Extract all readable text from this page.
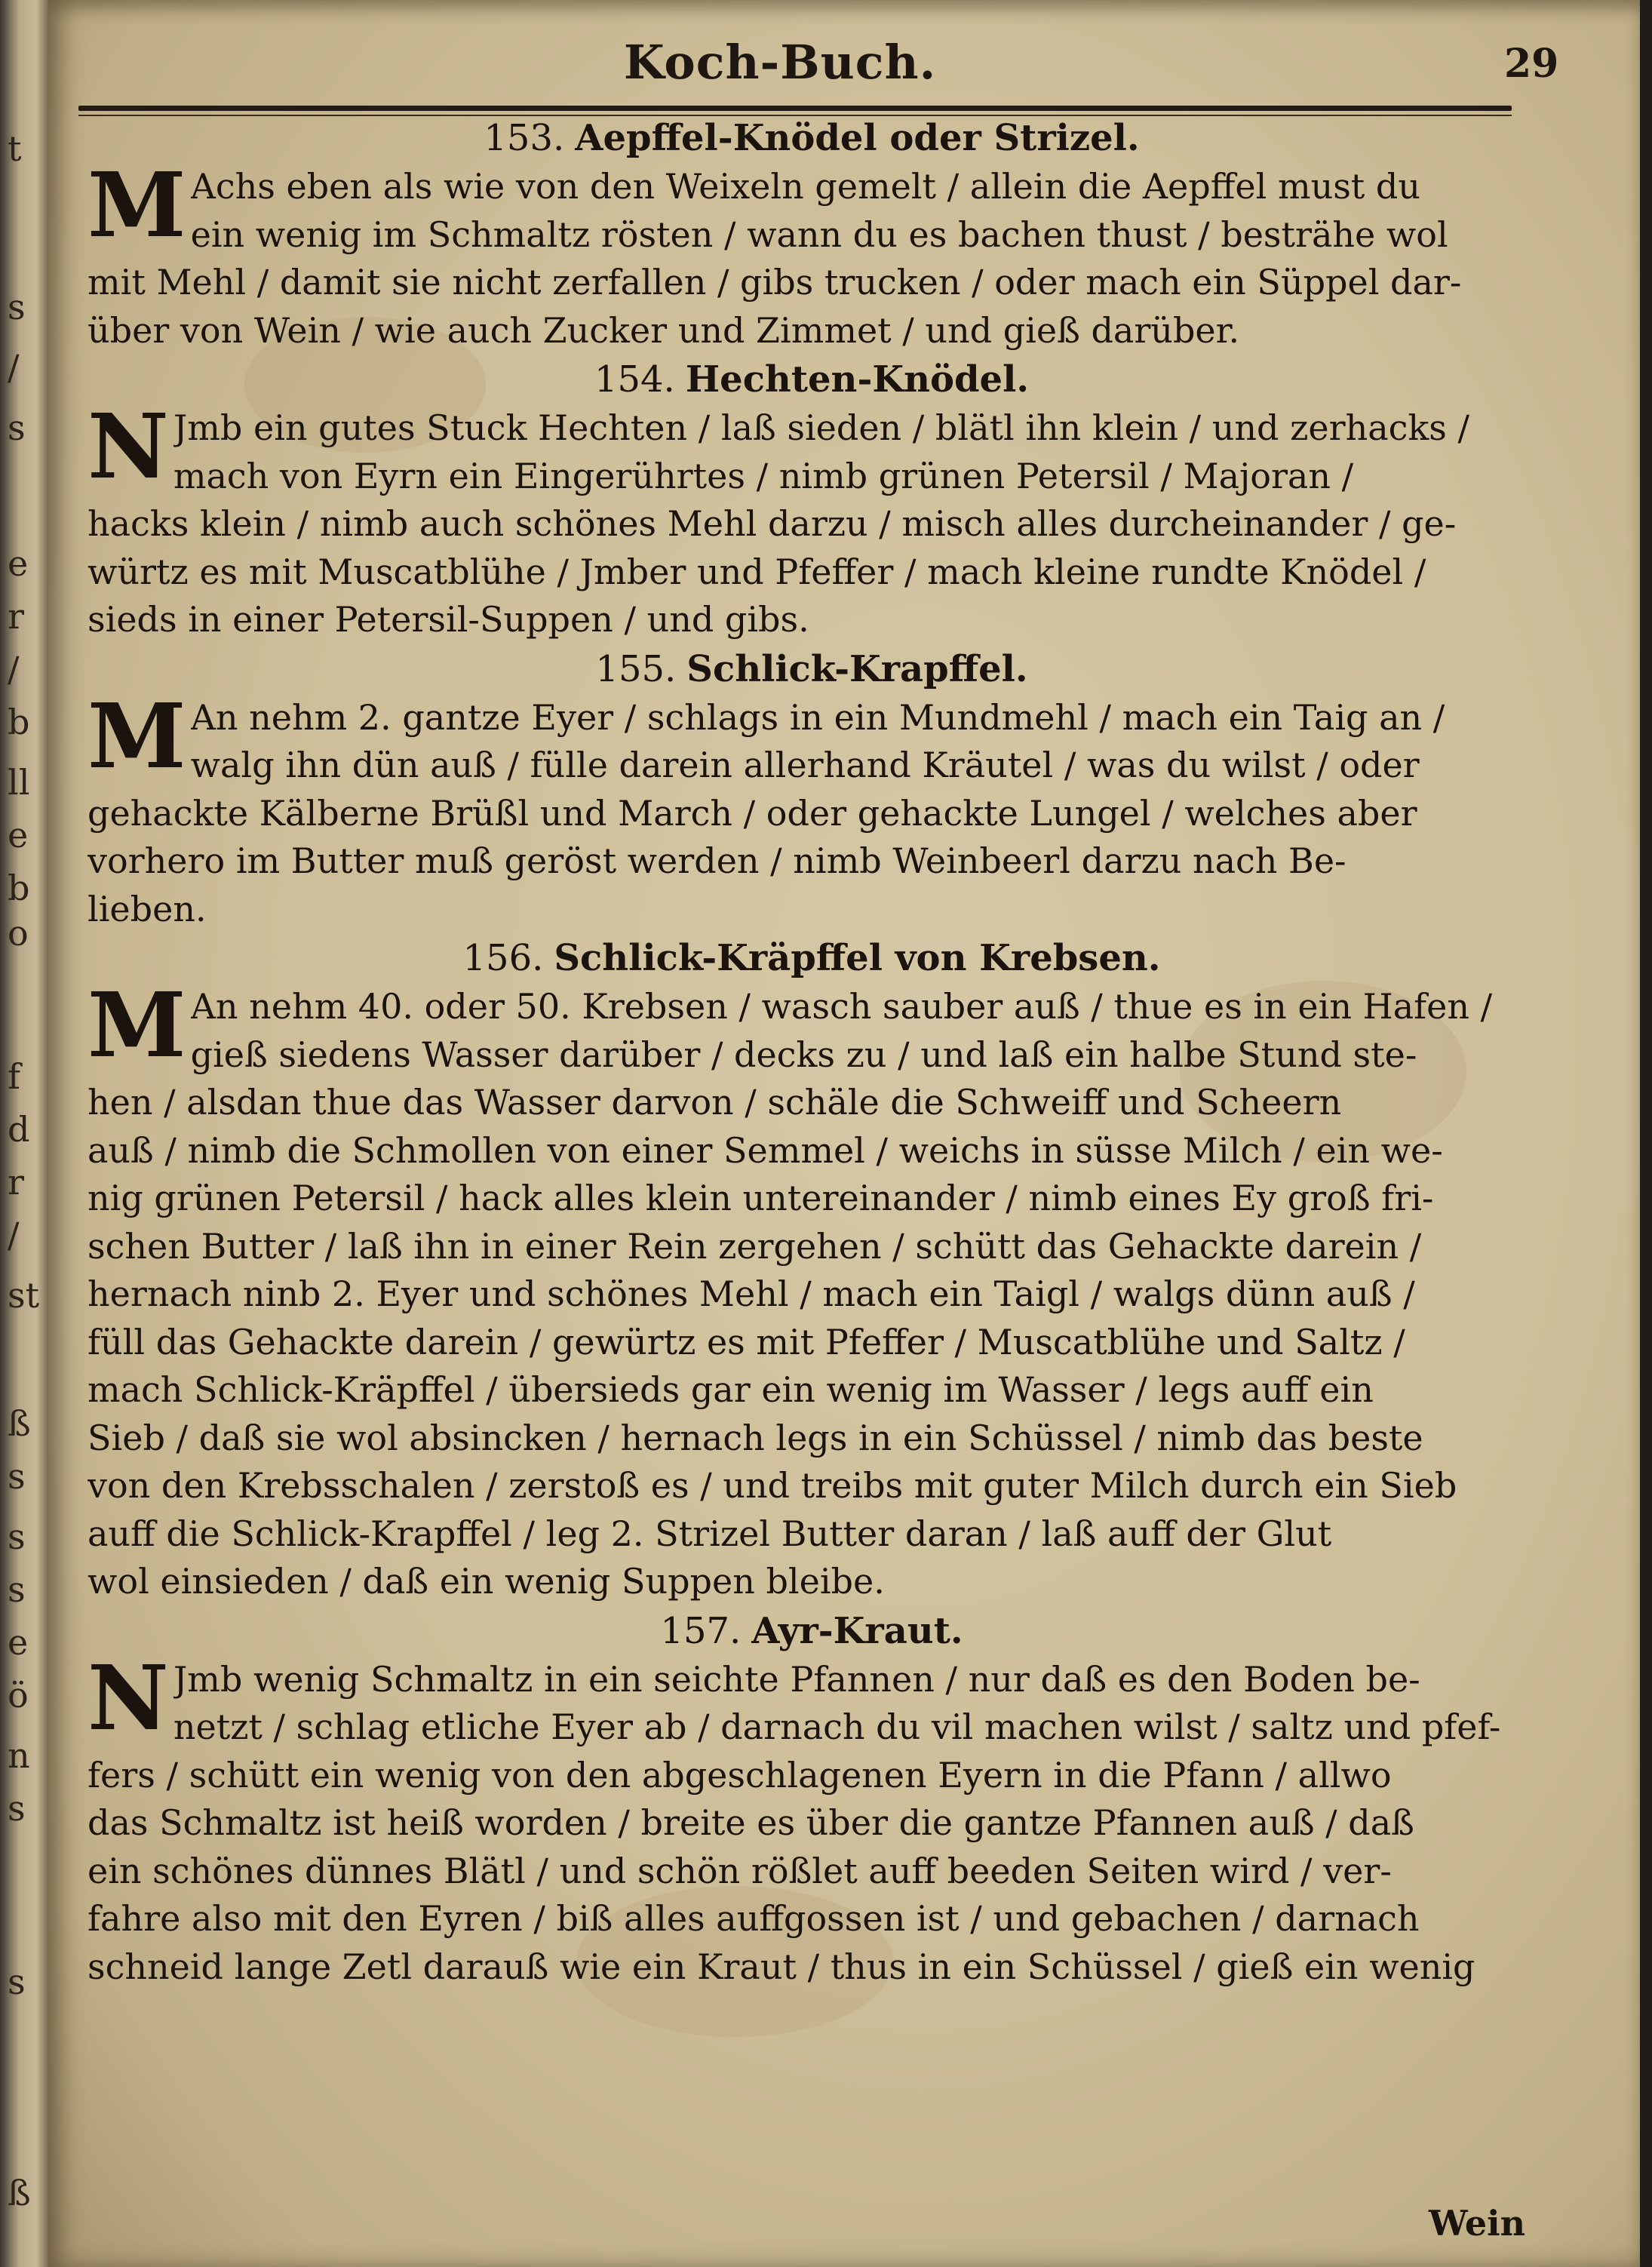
t
s
/
s
e
r
/
b
ll
e
b
o
f
d
r
/
st
ß
s
s
s
e
ö
n
s
s
ß
Koch-Buch.	29
153. Aepffel-Knödel oder Strizel.
M Achs eben als wie von den Weixeln gemelt / allein die Aepffel must du
ein wenig im Schmaltz rösten / wann du es bachen thust / besträhe wol
mit Mehl / damit sie nicht zerfallen / gibs trucken / oder mach ein Süppel dar-
über von Wein / wie auch Zucker und Zimmet / und gieß darüber.
154. Hechten-Knödel.
N Jmb ein gutes Stuck Hechten / laß sieden / blätl ihn klein / und zerhacks /
mach von Eyrn ein Eingerührtes / nimb grünen Petersil / Majoran /
hacks klein / nimb auch schönes Mehl darzu / misch alles durcheinander / ge-
würtz es mit Muscatblühe / Jmber und Pfeffer / mach kleine rundte Knödel /
sieds in einer Petersil-Suppen / und gibs.
155. Schlick-Krapffel.
M An nehm 2. gantze Eyer / schlags in ein Mundmehl / mach ein Taig an /
walg ihn dün auß / fülle darein allerhand Kräutel / was du wilst / oder
gehackte Kälberne Brüßl und March / oder gehackte Lungel / welches aber
vorhero im Butter muß geröst werden / nimb Weinbeerl darzu nach Be-
lieben.
156. Schlick-Kräpffel von Krebsen.
M An nehm 40. oder 50. Krebsen / wasch sauber auß / thue es in ein Hafen /
gieß siedens Wasser darüber / decks zu / und laß ein halbe Stund ste-
hen / alsdan thue das Wasser darvon / schäle die Schweiff und Scheern
auß / nimb die Schmollen von einer Semmel / weichs in süsse Milch / ein we-
nig grünen Petersil / hack alles klein untereinander / nimb eines Ey groß fri-
schen Butter / laß ihn in einer Rein zergehen / schütt das Gehackte darein /
hernach ninb 2. Eyer und schönes Mehl / mach ein Taigl / walgs dünn auß /
füll das Gehackte darein / gewürtz es mit Pfeffer / Muscatblühe und Saltz /
mach Schlick-Kräpffel / übersieds gar ein wenig im Wasser / legs auff ein
Sieb / daß sie wol absincken / hernach legs in ein Schüssel / nimb das beste
von den Krebsschalen / zerstoß es / und treibs mit guter Milch durch ein Sieb
auff die Schlick-Krapffel / leg 2. Strizel Butter daran / laß auff der Glut
wol einsieden / daß ein wenig Suppen bleibe.
157. Ayr-Kraut.
N Jmb wenig Schmaltz in ein seichte Pfannen / nur daß es den Boden be-
netzt / schlag etliche Eyer ab / darnach du vil machen wilst / saltz und pfef-
fers / schütt ein wenig von den abgeschlagenen Eyern in die Pfann / allwo
das Schmaltz ist heiß worden / breite es über die gantze Pfannen auß / daß
ein schönes dünnes Blätl / und schön rößlet auff beeden Seiten wird / ver-
fahre also mit den Eyren / biß alles auffgossen ist / und gebachen / darnach
schneid lange Zetl darauß wie ein Kraut / thus in ein Schüssel / gieß ein wenig
Wein
